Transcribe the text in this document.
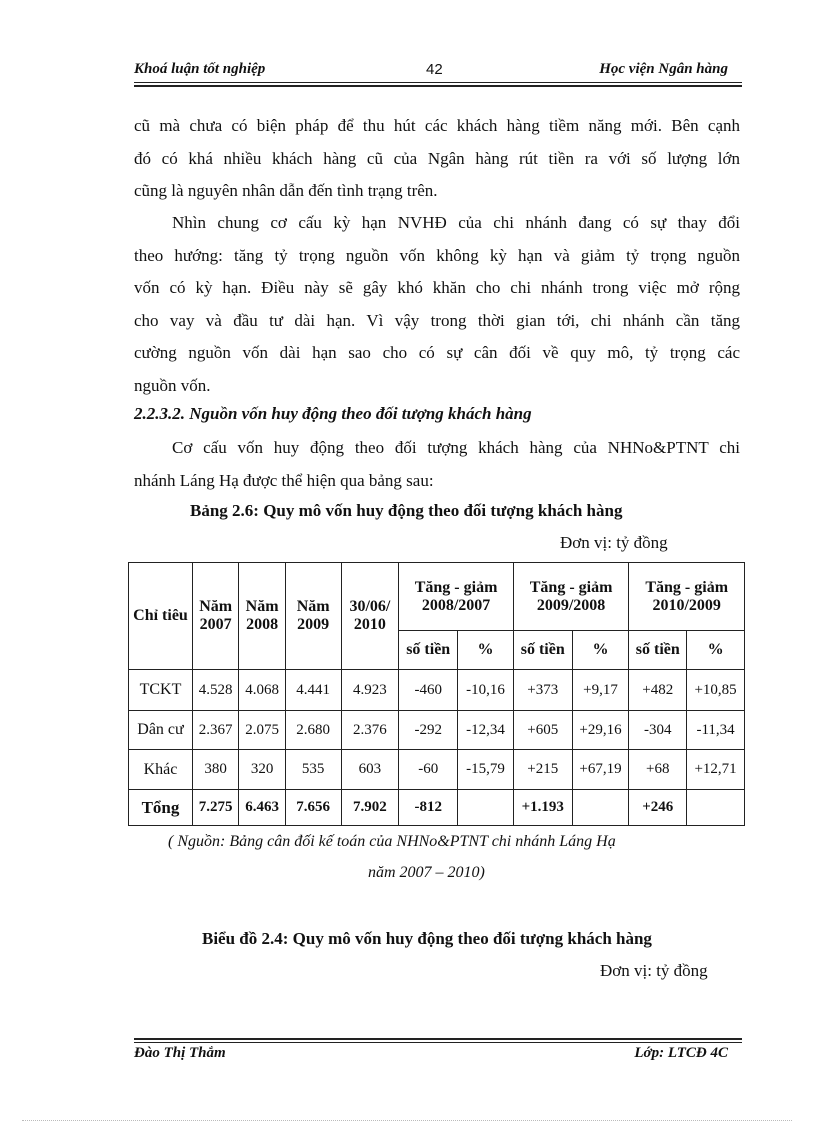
Khoá luận tốt nghiệp	42	Học viện Ngân hàng
cũ mà chưa có biện pháp để thu hút các khách hàng tiềm năng mới. Bên cạnh
đó có khá nhiều khách hàng cũ của Ngân hàng rút tiền ra với số lượng lớn
cũng là nguyên nhân dẫn đến tình trạng trên.
Nhìn chung cơ cấu kỳ hạn NVHĐ của chi nhánh đang có sự thay đổi
theo hướng: tăng tỷ trọng nguồn vốn không kỳ hạn và giảm tỷ trọng nguồn
vốn có kỳ hạn. Điều này sẽ gây khó khăn cho chi nhánh trong việc mở rộng
cho vay và đầu tư dài hạn. Vì vậy trong thời gian tới, chi nhánh cần tăng
cường nguồn vốn dài hạn sao cho có sự cân đối về quy mô, tỷ trọng các
nguồn vốn.
2.2.3.2. Nguồn vốn huy động theo đối tượng khách hàng
Cơ cấu vốn huy động theo đối tượng khách hàng của NHNo&PTNT chi
nhánh Láng Hạ được thể hiện qua bảng sau:
Bảng 2.6: Quy mô vốn huy động theo đối tượng khách hàng
Đơn vị: tỷ đồng
Chỉ tiêu	Năm 2007	Năm 2008	Năm 2009	30/06/ 2010	Tăng - giảm 2008/2007		Tăng - giảm 2009/2008		Tăng - giảm 2010/2009	
					số tiền	%	số tiền	%	số tiền	%
TCKT	4.528	4.068	4.441	4.923	-460	-10,16	+373	+9,17	+482	+10,85
Dân cư	2.367	2.075	2.680	2.376	-292	-12,34	+605	+29,16	-304	-11,34
Khác	380	320	535	603	-60	-15,79	+215	+67,19	+68	+12,71
Tổng	7.275	6.463	7.656	7.902	-812		+1.193		+246	
( Nguồn: Bảng cân đối kế toán của NHNo&PTNT chi nhánh Láng Hạ
năm 2007 – 2010)
Biểu đồ 2.4: Quy mô vốn huy động theo đối tượng khách hàng
Đơn vị: tỷ đồng
Đào Thị Thắm	Lớp: LTCĐ 4C
